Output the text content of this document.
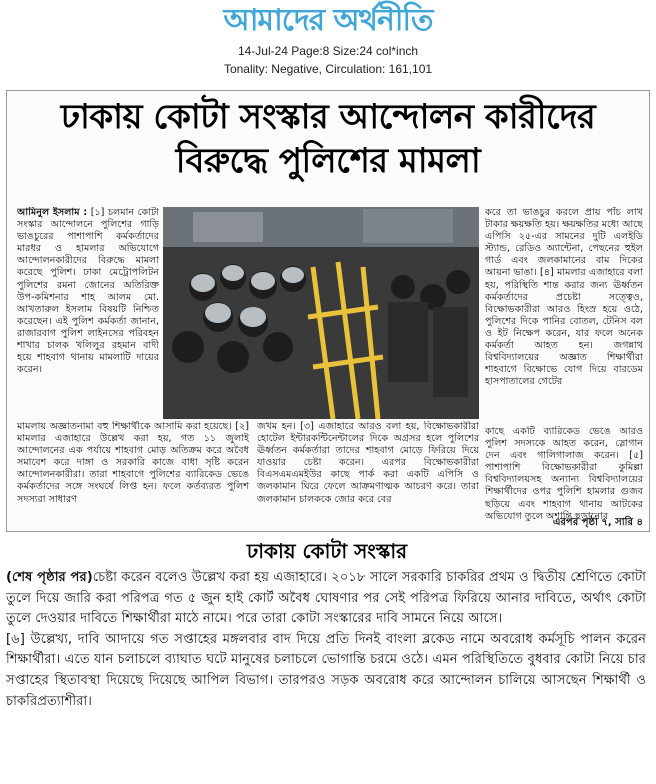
আমাদের অর্থনীতি
14-Jul-24 Page:8 Size:24 col*inch
Tonality: Negative, Circulation: 161,101
ঢাকায় কোটা সংস্কার আন্দোলন কারীদের
বিরুদ্ধে পুলিশের মামলা
আমিনুল ইসলাম : [১] চলমান কোটা সংস্কার আন্দোলনে পুলিশের গাড়ি ভাঙচুরের পাশাপাশি কর্মকর্তাদের মারধর ও হামলার অভিযোগে আন্দোলনকারীদের বিরুদ্ধে মামলা করেছে পুলিশ। ঢাকা মেট্রোপলিটন পুলিশের রমনা জোনের অতিরিক্ত উপ-কমিশনার শাহ আলম মো. আখতারুল ইসলাম বিষয়টি নিশ্চিত করেছেন। এই পুলিশ কর্মকর্তা জানান, রাজারবাগ পুলিশ লাইনসের পরিবহন শাখার চালক খলিলুর রহমান বাদী হয়ে শাহবাগ থানায় মামলাটি দায়ের করেন।
করে তা ভাঙচুর করলে প্রায় পাঁচ লাখ টাকার ক্ষয়ক্ষতি হয়। ক্ষয়ক্ষতির মধ্যে আছে এপিসি ২৫-এর সামনের দুটি এলইডি স্ট্যান্ড, রেডিও অ্যান্টেনা, পেছনের হুইল গার্ড এবং জলকামানের বাম দিকের আয়না ভাঙা। [৪] মামলার এজাহারে বলা হয়, পরিস্থিতি শান্ত করার জন্য ঊর্ধ্বতন কর্মকর্তাদের প্রচেষ্টা সত্ত্বেও, বিক্ষোভকারীরা আরও হিংস্র হয়ে ওঠে, পুলিশের দিকে পানির বোতল, টেনিস বল ও ইট নিক্ষেপ করেন, যার ফলে অনেক কর্মকর্তা আহত হন। জগন্নাথ বিশ্ববিদ্যালয়ের অজ্ঞাত শিক্ষার্থীরা শাহবাগে বিক্ষোভে যোগ দিয়ে বারডেম হাসপাতালের গেটের
মামলায় অজ্ঞাতনামা বহু শিক্ষার্থীকে আসামি করা হয়েছে। [২] মামলার এজাহারে উল্লেখ করা হয়, গত ১১ জুলাই আন্দোলনের এক পর্যায়ে শাহবাগ মোড় অতিক্রম করে অবৈধ সমাবেশ করে দাঙ্গা ও সরকারি কাজে বাধা সৃষ্টি করেন আন্দোলনকারীরা। তারা শাহবাগে পুলিশের ব্যারিকেড ভেঙে কর্মকর্তাদের সঙ্গে সংঘর্ষে লিপ্ত হন। ফলে কর্তব্যরত পুলিশ সদস্যরা সাধারণ
জখম হন। [৩] এজাহারে আরও বলা হয়, বিক্ষোভকারীরা হোটেল ইন্টারকন্টিনেন্টালের দিকে অগ্রসর হলে পুলিশের ঊর্ধ্বতন কর্মকর্তারা তাদের শাহবাগ মোড়ে ফিরিয়ে দিয়ে যাওয়ার চেষ্টা করেন। এরপর বিক্ষোভকারীরা বিএসএমএমইউর কাছে পার্ক করা একটি এপিসি ও জলকামান ঘিরে ফেলে আক্রমণাত্মক আচরণ করে। তারা জলকামান চালককে জোর করে বের
কাছে একটি ব্যারিকেড ভেঙে আরও পুলিশ সদস্যকে আহত করেন, স্লোগান দেন এবং গালিগালাজ করেন। [৫] পাশাপাশি বিক্ষোভকারীরা কুমিল্লা বিশ্ববিদ্যালয়সহ অন্যান্য বিশ্ববিদ্যালয়ের শিক্ষার্থীদের ওপর পুলিশি হামলার গুজব ছড়িয়ে এবং শাহবাগ থানায় আটকের অভিযোগ তুলে অশান্তি ছড়ানোর
এরপর পৃষ্ঠা ৭, সারি ৪
ঢাকায় কোটা সংস্কার

(শেষ পৃষ্ঠার পর)চেষ্টা করেন বলেও উল্লেখ করা হয় এজাহারে। ২০১৮ সালে সরকারি চাকরির প্রথম ও দ্বিতীয় শ্রেণিতে কোটা তুলে দিয়ে জারি করা পরিপত্র গত ৫ জুন হাই কোর্ট অবৈধ ঘোষণার পর সেই পরিপত্র ফিরিয়ে আনার দাবিতে, অর্থাৎ কোটা তুলে দেওয়ার দাবিতে শিক্ষার্থীরা মাঠে নামে। পরে তারা কোটা সংস্কারের দাবি সামনে নিয়ে আসে।

[৬] উল্লেখ্য, দাবি আদায়ে গত সপ্তাহের মঙ্গলবার বাদ দিয়ে প্রতি দিনই বাংলা ব্লকেড নামে অবরোধ কর্মসূচি পালন করেন শিক্ষার্থীরা। এতে যান চলাচলে ব্যাঘাত ঘটে মানুষের চলাচলে ভোগান্তি চরমে ওঠে। এমন পরিস্থিতিতে বুধবার কোটা নিয়ে চার সপ্তাহের স্থিতাবস্থা দিয়েছে দিয়েছে আপিল বিভাগ। তারপরও সড়ক অবরোধ করে আন্দোলন চালিয়ে আসছেন শিক্ষার্থী ও চাকরিপ্রত্যাশীরা।
